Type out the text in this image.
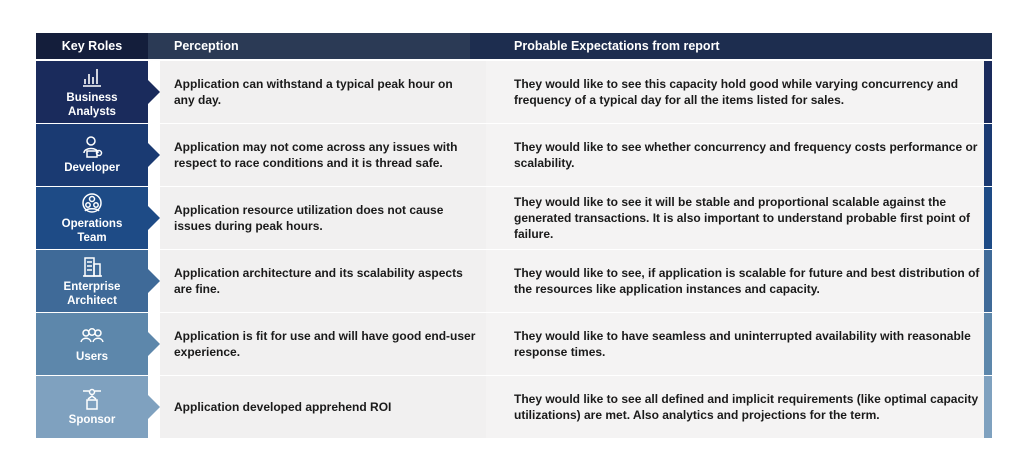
Key Roles	Perception	Probable Expectations from report
Business
Analysts
Application can withstand a typical peak hour on any day.
They would like to see this capacity hold good while varying concurrency and frequency of a typical day for all the items listed for sales.
Developer
Application may not come across any issues with respect to race conditions and it is thread safe.
They would like to see whether concurrency and frequency costs performance or scalability.
Operations
Team
Application resource utilization does not cause issues during peak hours.
They would like to see it will be stable and proportional scalable against the generated transactions. It is also important to understand probable first point of failure.
Enterprise
Architect
Application architecture and its scalability aspects are fine.
They would like to see, if application is scalable for future and best distribution of the resources like application instances and capacity.
Users
Application is fit for use and will have good end-user experience.
They would like to have seamless and uninterrupted availability with reasonable response times.
Sponsor
Application developed apprehend ROI
They would like to see all defined and implicit requirements (like optimal capacity utilizations) are met. Also analytics and projections for the term.
